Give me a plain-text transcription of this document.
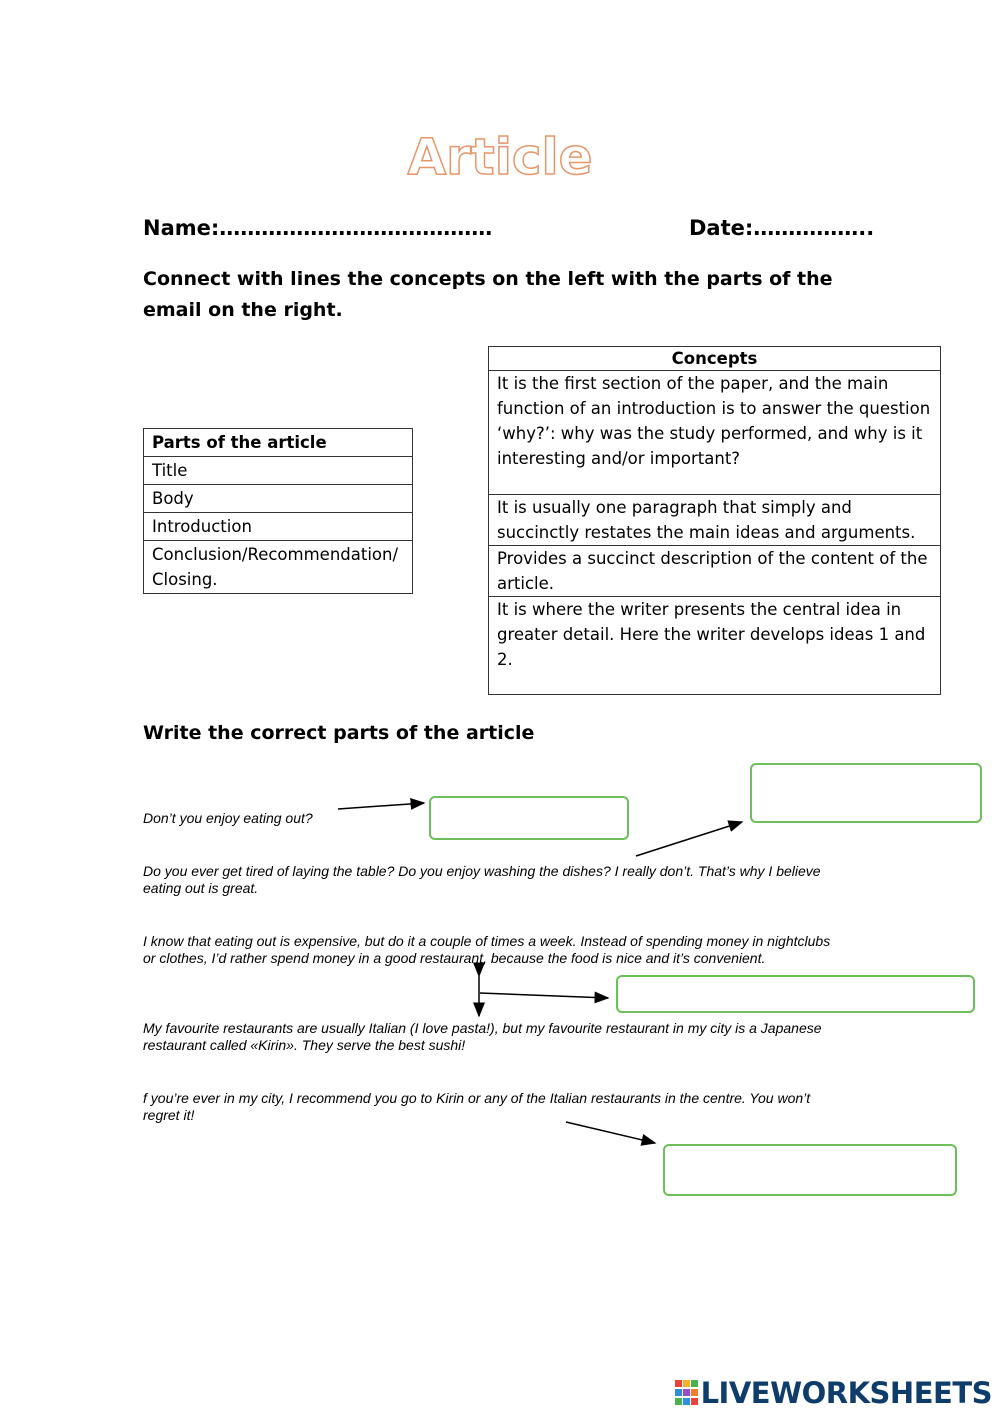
Article
Name:…………………………………	Date:……………..
Connect with lines the concepts on the left with the parts of the email on the right.
Parts of the article
Title
Body
Introduction
Conclusion/Recommendation/ Closing.
Concepts
It is the first section of the paper, and the main function of an introduction is to answer the question ‘why?’: why was the study performed, and why is it interesting and/or important?
It is usually one paragraph that simply and succinctly restates the main ideas and arguments.
Provides a succinct description of the content of the article.
It is where the writer presents the central idea in greater detail. Here the writer develops ideas 1 and 2.
Write the correct parts of the article
Don’t you enjoy eating out?
Do you ever get tired of laying the table? Do you enjoy washing the dishes? I really don’t. That’s why I believe eating out is great.
I know that eating out is expensive, but do it a couple of times a week. Instead of spending money in nightclubs or clothes, I’d rather spend money in a good restaurant, because the food is nice and it’s convenient.
My favourite restaurants are usually Italian (I love pasta!), but my favourite restaurant in my city is a Japanese restaurant called «Kirin». They serve the best sushi!
f you’re ever in my city, I recommend you go to Kirin or any of the Italian restaurants in the centre. You won’t regret it!
LIVEWORKSHEETS
